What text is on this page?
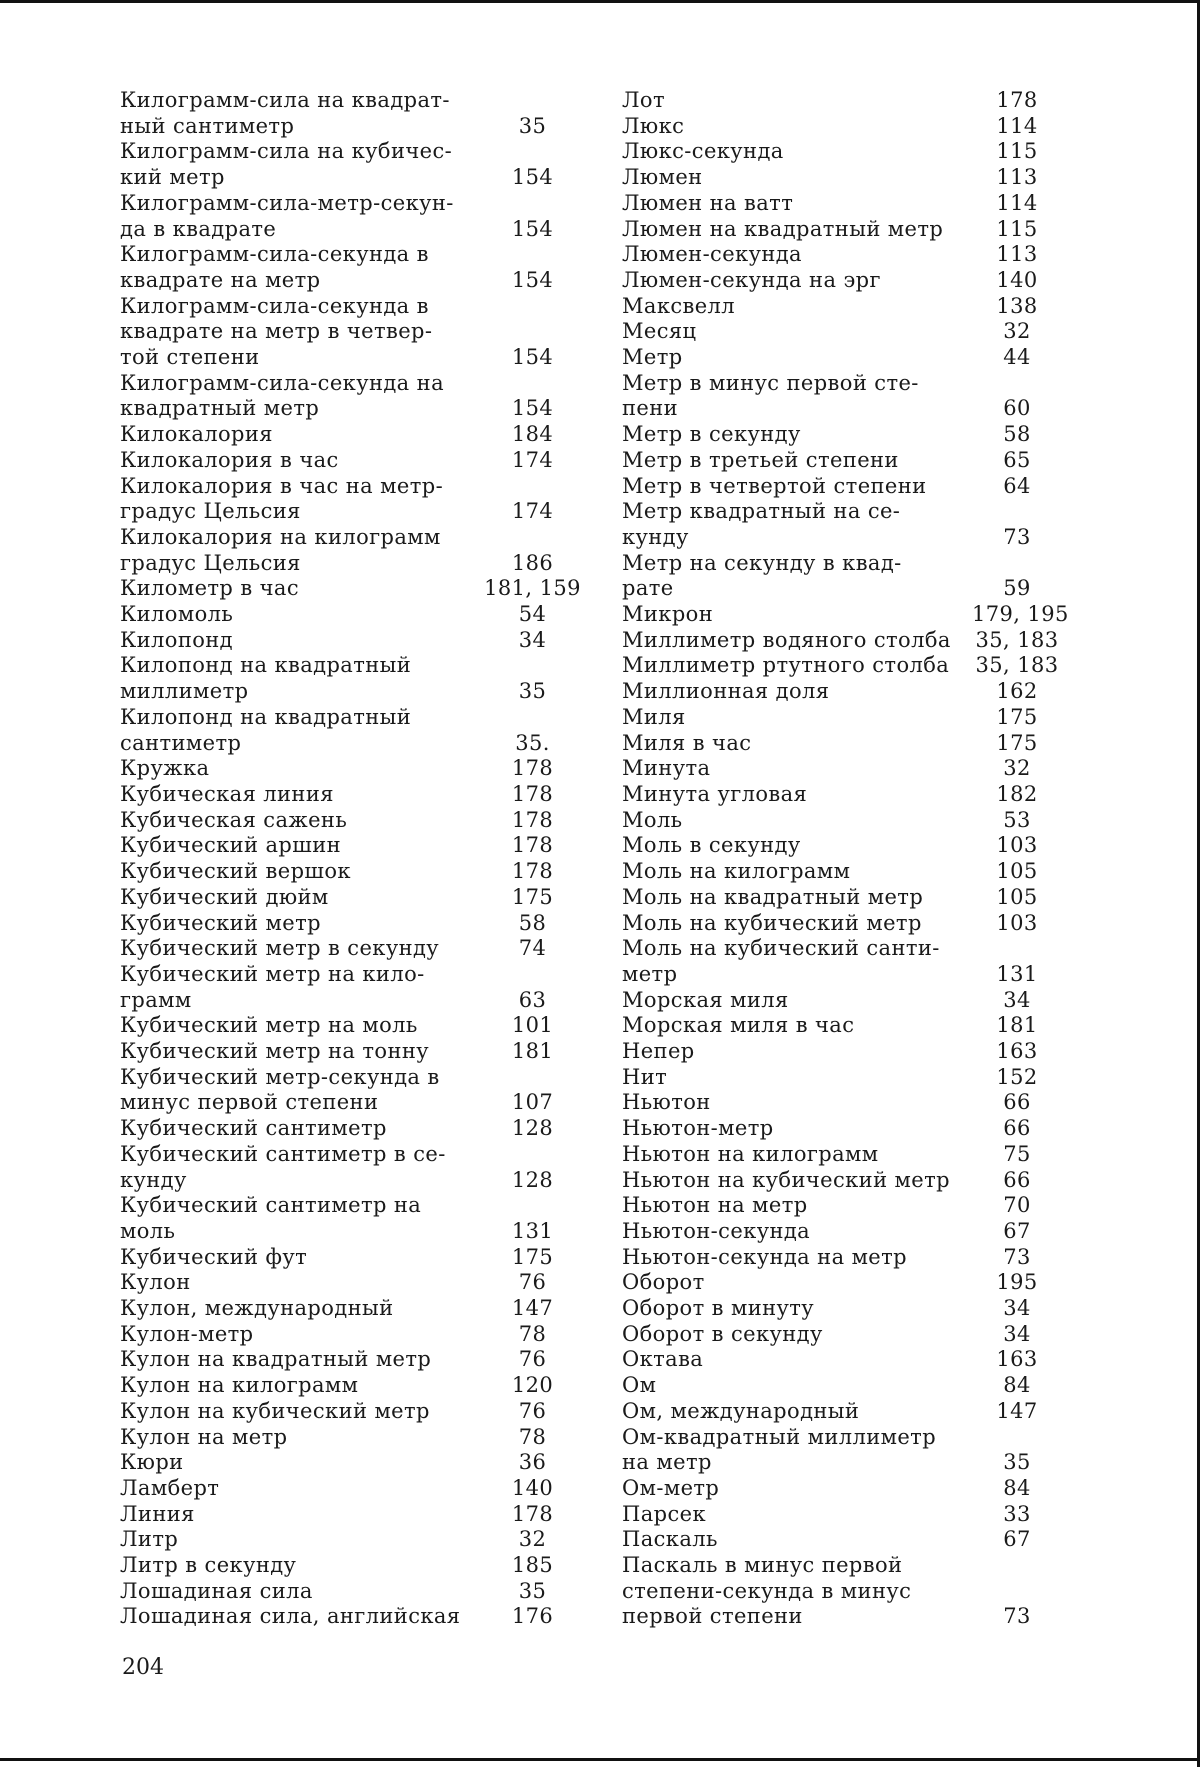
Килограмм-сила на квадрат-
ный сантиметр	35
Килограмм-сила на кубичес-
кий метр	154
Килограмм-сила-метр-секун-
да в квадрате	154
Килограмм-сила-секунда в
квадрате на метр	154
Килограмм-сила-секунда в
квадрате на метр в четвер-
той степени	154
Килограмм-сила-секунда на
квадратный метр	154
Килокалория	184
Килокалория в час	174
Килокалория в час на метр-
градус Цельсия	174
Килокалория на килограмм
градус Цельсия	186
Километр в час	181, 159
Киломоль	54
Килопонд	34
Килопонд на квадратный
миллиметр	35
Килопонд на квадратный
сантиметр	35.
Кружка	178
Кубическая линия	178
Кубическая сажень	178
Кубический аршин	178
Кубический вершок	178
Кубический дюйм	175
Кубический метр	58
Кубический метр в секунду	74
Кубический метр на кило-
грамм	63
Кубический метр на моль	101
Кубический метр на тонну	181
Кубический метр-секунда в
минус первой степени	107
Кубический сантиметр	128
Кубический сантиметр в се-
кунду	128
Кубический сантиметр на
моль	131
Кубический фут	175
Кулон	76
Кулон, международный	147
Кулон-метр	78
Кулон на квадратный метр	76
Кулон на килограмм	120
Кулон на кубический метр	76
Кулон на метр	78
Кюри	36
Ламберт	140
Линия	178
Литр	32
Литр в секунду	185
Лошадиная сила	35
Лошадиная сила, английская	176
Лот	178
Люкс	114
Люкс-секунда	115
Люмен	113
Люмен на ватт	114
Люмен на квадратный метр	115
Люмен-секунда	113
Люмен-секунда на эрг	140
Максвелл	138
Месяц	32
Метр	44
Метр в минус первой сте-
пени	60
Метр в секунду	58
Метр в третьей степени	65
Метр в четвертой степени	64
Метр квадратный на се-
кунду	73
Метр на секунду в квад-
рате	59
Микрон	179, 195
Миллиметр водяного столба	35, 183
Миллиметр ртутного столба	35, 183
Миллионная доля	162
Миля	175
Миля в час	175
Минута	32
Минута угловая	182
Моль	53
Моль в секунду	103
Моль на килограмм	105
Моль на квадратный метр	105
Моль на кубический метр	103
Моль на кубический санти-
метр	131
Морская миля	34
Морская миля в час	181
Непер	163
Нит	152
Ньютон	66
Ньютон-метр	66
Ньютон на килограмм	75
Ньютон на кубический метр	66
Ньютон на метр	70
Ньютон-секунда	67
Ньютон-секунда на метр	73
Оборот	195
Оборот в минуту	34
Оборот в секунду	34
Октава	163
Ом	84
Ом, международный	147
Ом-квадратный миллиметр
на метр	35
Ом-метр	84
Парсек	33
Паскаль	67
Паскаль в минус первой
степени-секунда в минус
первой степени	73
204
